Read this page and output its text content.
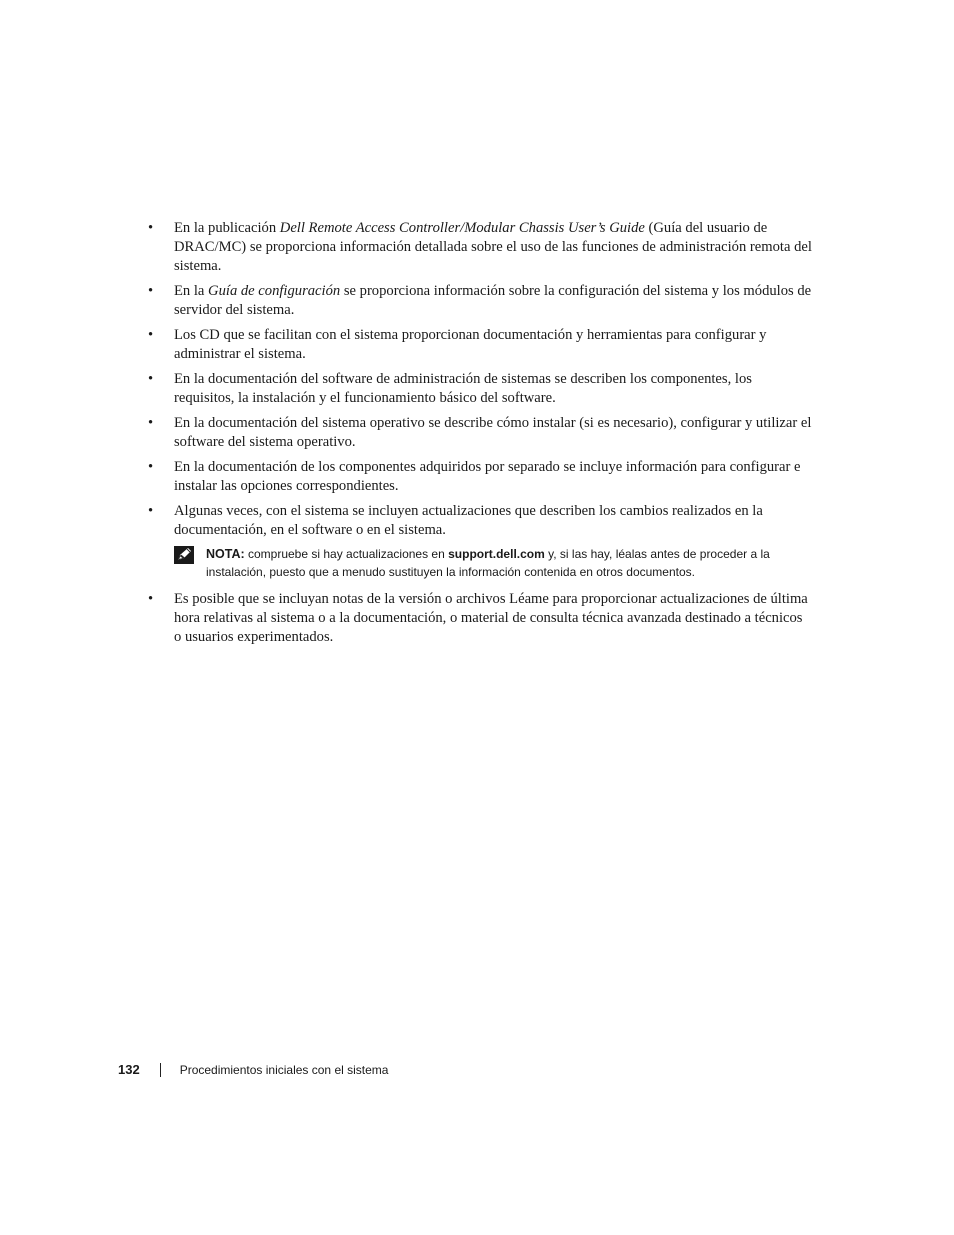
•	En la publicación Dell Remote Access Controller/Modular Chassis User’s Guide (Guía del usuario de DRAC/MC) se proporciona información detallada sobre el uso de las funciones de administración remota del sistema.
•	En la Guía de configuración se proporciona información sobre la configuración del sistema y los módulos de servidor del sistema.
•	Los CD que se facilitan con el sistema proporcionan documentación y herramientas para configurar y administrar el sistema.
•	En la documentación del software de administración de sistemas se describen los componentes, los requisitos, la instalación y el funcionamiento básico del software.
•	En la documentación del sistema operativo se describe cómo instalar (si es necesario), configurar y utilizar el software del sistema operativo.
•	En la documentación de los componentes adquiridos por separado se incluye información para configurar e instalar las opciones correspondientes.
•	Algunas veces, con el sistema se incluyen actualizaciones que describen los cambios realizados en la documentación, en el software o en el sistema.
NOTA: compruebe si hay actualizaciones en support.dell.com y, si las hay, léalas antes de proceder a la instalación, puesto que a menudo sustituyen la información contenida en otros documentos.
•	Es posible que se incluyan notas de la versión o archivos Léame para proporcionar actualizaciones de última hora relativas al sistema o a la documentación, o material de consulta técnica avanzada destinado a técnicos o usuarios experimentados.
132	Procedimientos iniciales con el sistema
